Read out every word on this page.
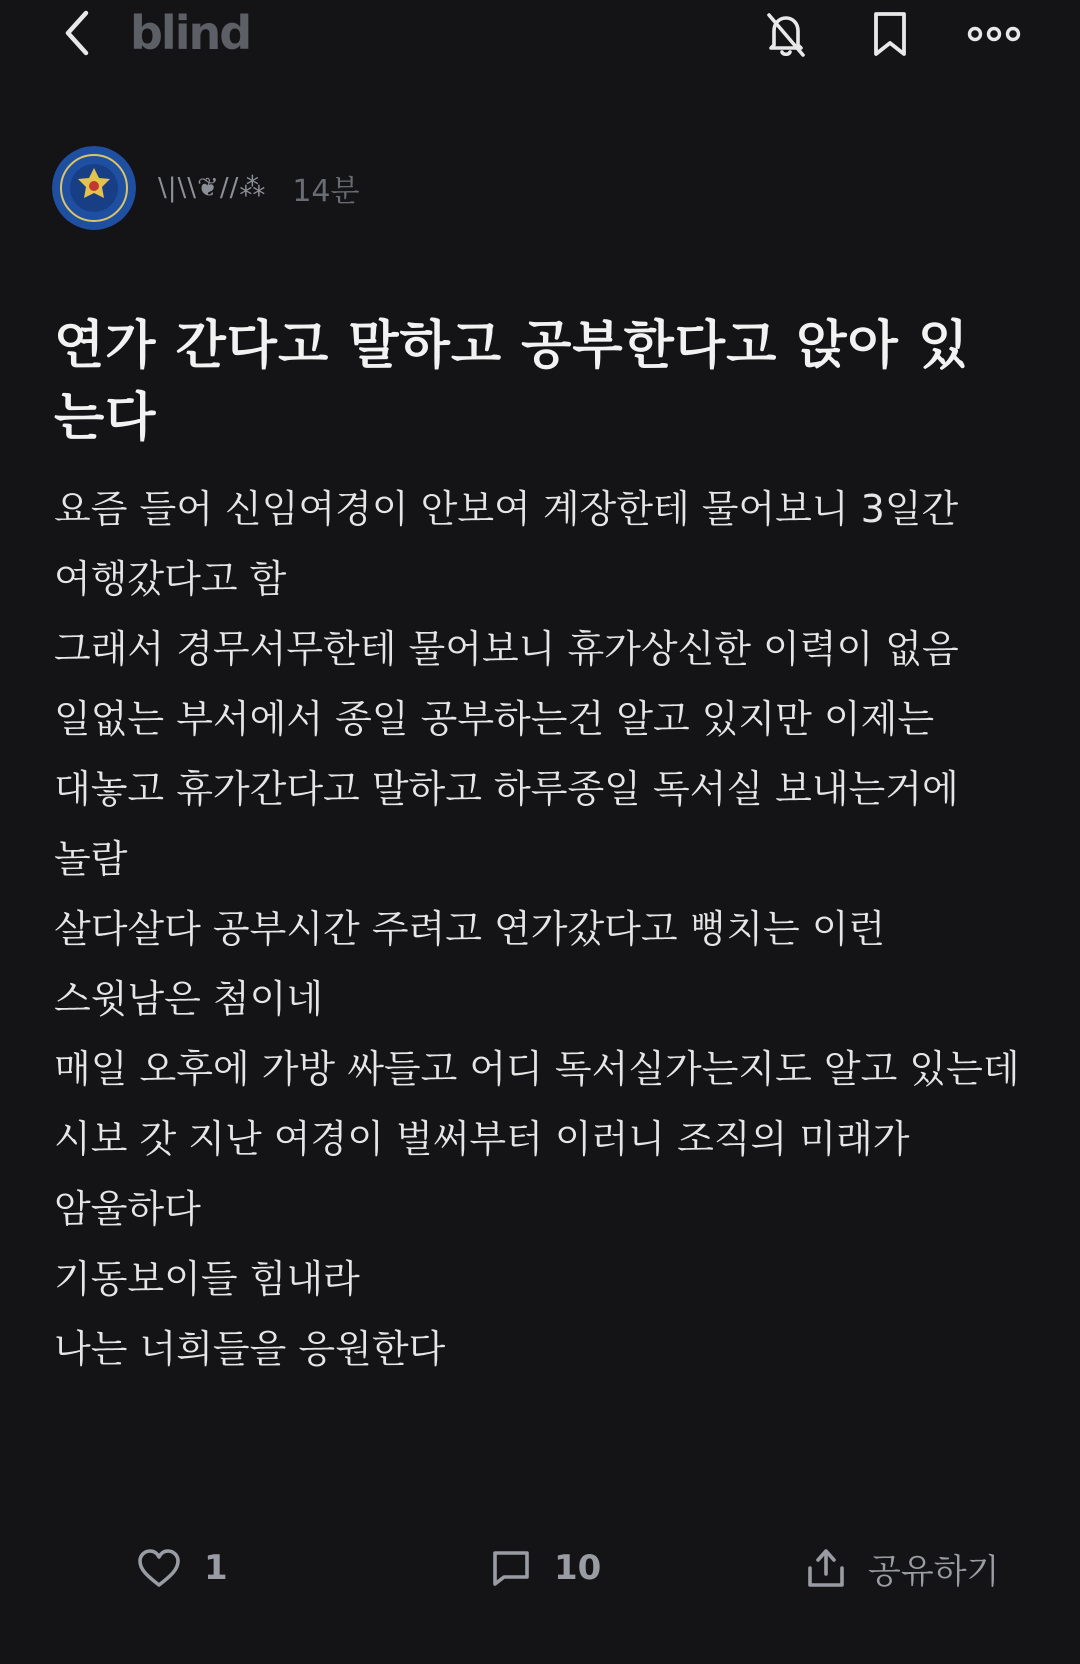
blind
\|\\❦//⁂ 14분
연가 간다고 말하고 공부한다고 앉아 있는다

요즘 들어 신임여경이 안보여 계장한테 물어보니 3일간
여행갔다고 함
그래서 경무서무한테 물어보니 휴가상신한 이력이 없음
일없는 부서에서 종일 공부하는건 알고 있지만 이제는
대놓고 휴가간다고 말하고 하루종일 독서실 보내는거에
놀람
살다살다 공부시간 주려고 연가갔다고 뻥치는 이런
스윗남은 첨이네
매일 오후에 가방 싸들고 어디 독서실가는지도 알고 있는데
시보 갓 지난 여경이 벌써부터 이러니 조직의 미래가
암울하다
기동보이들 힘내라
나는 너희들을 응원한다

1	10	공유하기
